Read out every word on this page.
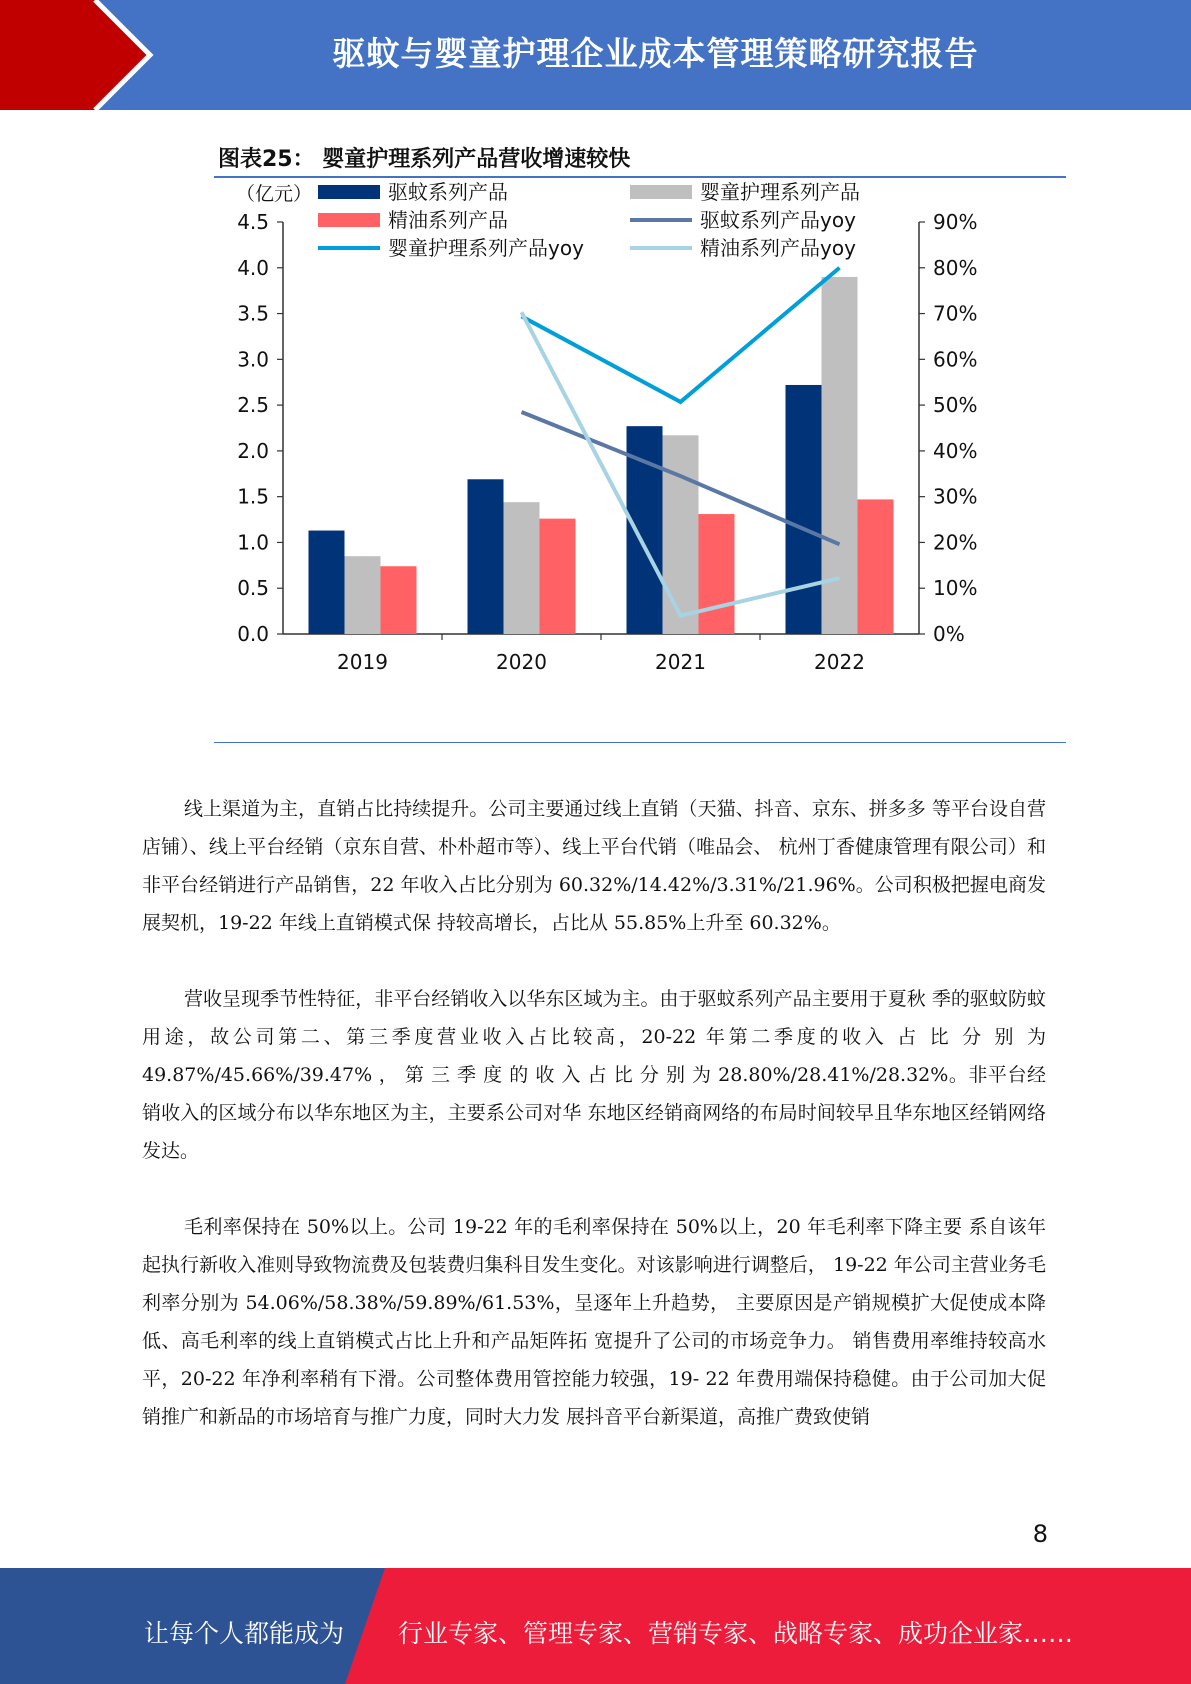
驱蚊与婴童护理企业成本管理策略研究报告
图表25： 婴童护理系列产品营收增速较快
0.0
0.5
1.0
1.5
2.0
2.5
3.0
3.5
4.0
4.5
0%
10%
20%
30%
40%
50%
60%
70%
80%
90%
2019	2020	2021	2022
（亿元）	驱蚊系列产品	婴童护理系列产品
精油系列产品	驱蚊系列产品yoy
婴童护理系列产品yoy	精油系列产品yoy

线上渠道为主，直销占比持续提升。公司主要通过线上直销（天猫、抖音、京东、拼多多 等平台设自营店铺）、线上平台经销（京东自营、朴朴超市等）、线上平台代销（唯品会、 杭州丁香健康管理有限公司）和非平台经销进行产品销售，22 年收入占比分别为 60.32%/14.42%/3.31%/21.96%。公司积极把握电商发展契机，19-22 年线上直销模式保 持较高增长，占比从 55.85%上升至 60.32%。

营收呈现季节性特征，非平台经销收入以华东区域为主。由于驱蚊系列产品主要用于夏秋 季的驱蚊防蚊用途，故公司第二、第三季度营业收入占比较高，20-22 年第二季度的收入 占 比 分 别 为 49.87%/45.66%/39.47% ， 第 三 季 度 的 收 入 占 比 分 别 为 28.80%/28.41%/28.32%。非平台经销收入的区域分布以华东地区为主，主要系公司对华 东地区经销商网络的布局时间较早且华东地区经销网络发达。

毛利率保持在 50%以上。公司 19-22 年的毛利率保持在 50%以上，20 年毛利率下降主要 系自该年起执行新收入准则导致物流费及包装费归集科目发生变化。对该影响进行调整后， 19-22 年公司主营业务毛利率分别为 54.06%/58.38%/59.89%/61.53%，呈逐年上升趋势， 主要原因是产销规模扩大促使成本降低、高毛利率的线上直销模式占比上升和产品矩阵拓 宽提升了公司的市场竞争力。 销售费用率维持较高水平，20-22 年净利率稍有下滑。公司整体费用管控能力较强，19- 22 年费用端保持稳健。由于公司加大促销推广和新品的市场培育与推广力度，同时大力发 展抖音平台新渠道，高推广费致使销

8
让每个人都能成为 行业专家、管理专家、营销专家、战略专家、成功企业家……
